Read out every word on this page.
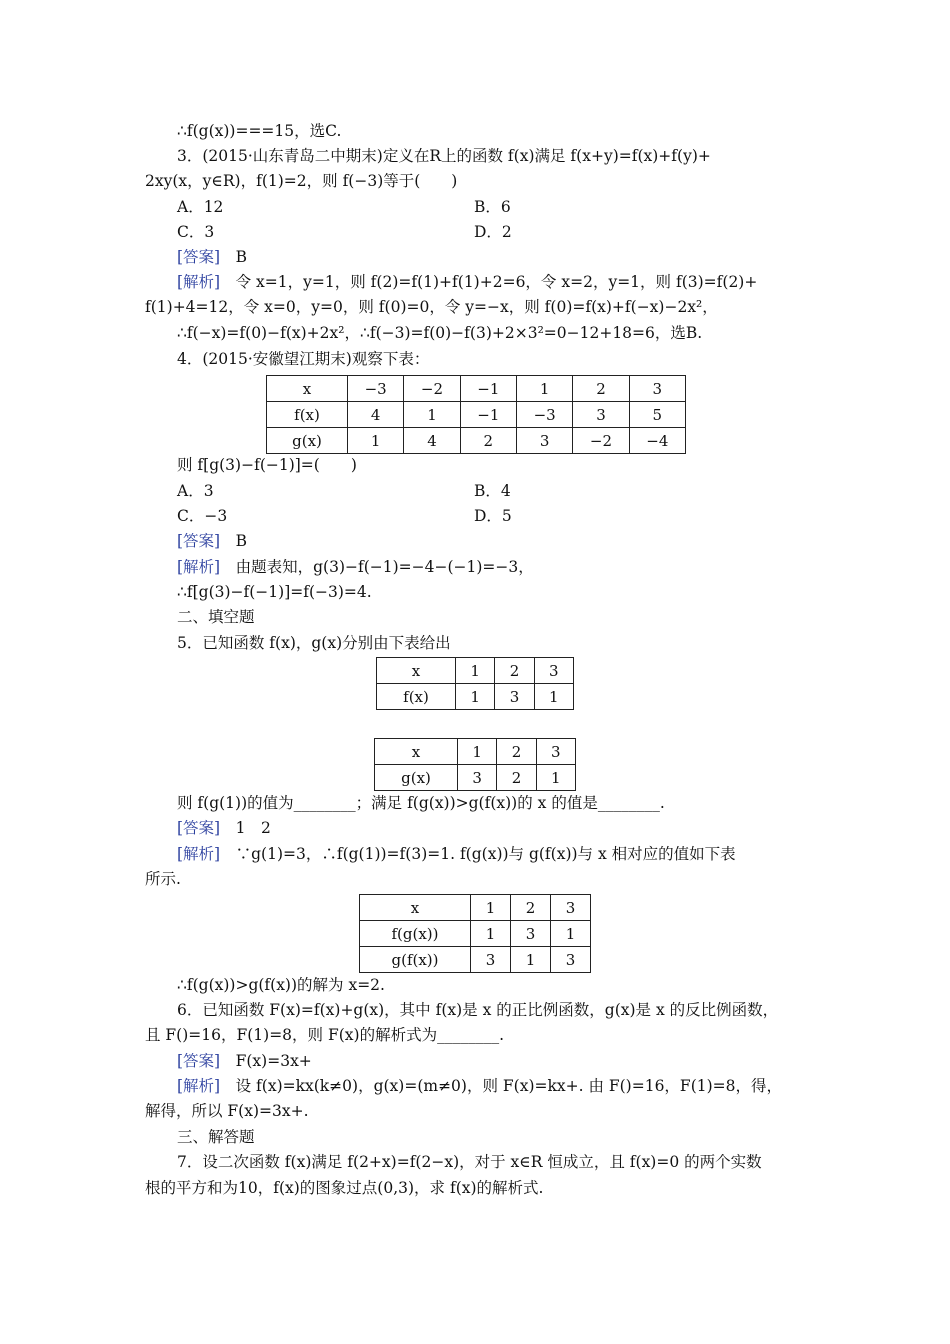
∴f(g(x))===15，选C.
3．(2015·山东青岛二中期末)定义在R上的函数 f(x)满足 f(x+y)=f(x)+f(y)+
2xy(x，y∈R)，f(1)=2，则 f(−3)等于(　　)
A．12	B．6
C．3	D．2
[答案]　 B
[解析]　 令 x=1，y=1，则 f(2)=f(1)+f(1)+2=6，令 x=2，y=1，则 f(3)=f(2)+
f(1)+4=12，令 x=0，y=0，则 f(0)=0，令 y=−x，则 f(0)=f(x)+f(−x)−2x²，
∴f(−x)=f(0)−f(x)+2x²，∴f(−3)=f(0)−f(3)+2×3²=0−12+18=6，选B.
4．(2015·安徽望江期末)观察下表：
x	−3	−2	−1	1	2	3
f(x)	4	1	−1	−3	3	5
g(x)	1	4	2	3	−2	−4
则 f[g(3)−f(−1)]=(　　)
A．3	B．4
C．−3	D．5
[答案]　 B
[解析]　 由题表知，g(3)−f(−1)=−4−(−1)=−3，
∴f[g(3)−f(−1)]=f(−3)=4.
二、填空题
5．已知函数 f(x)，g(x)分别由下表给出
x	1	2	3
f(x)	1	3	1
x	1	2	3
g(x)	3	2	1
则 f(g(1))的值为________；满足 f(g(x))>g(f(x))的 x 的值是________.
[答案]　 1　2
[解析]　 ∵g(1)=3，∴f(g(1))=f(3)=1. f(g(x))与 g(f(x))与 x 相对应的值如下表
所示.
x	1	2	3
f(g(x))	1	3	1
g(f(x))	3	1	3
∴f(g(x))>g(f(x))的解为 x=2.
6．已知函数 F(x)=f(x)+g(x)，其中 f(x)是 x 的正比例函数，g(x)是 x 的反比例函数，
且 F()=16，F(1)=8，则 F(x)的解析式为________.
[答案]　 F(x)=3x+
[解析]　 设 f(x)=kx(k≠0)，g(x)=(m≠0)，则 F(x)=kx+. 由 F()=16，F(1)=8，得，
解得，所以 F(x)=3x+.
三、解答题
7．设二次函数 f(x)满足 f(2+x)=f(2−x)，对于 x∈R 恒成立，且 f(x)=0 的两个实数
根的平方和为10，f(x)的图象过点(0,3)，求 f(x)的解析式.
